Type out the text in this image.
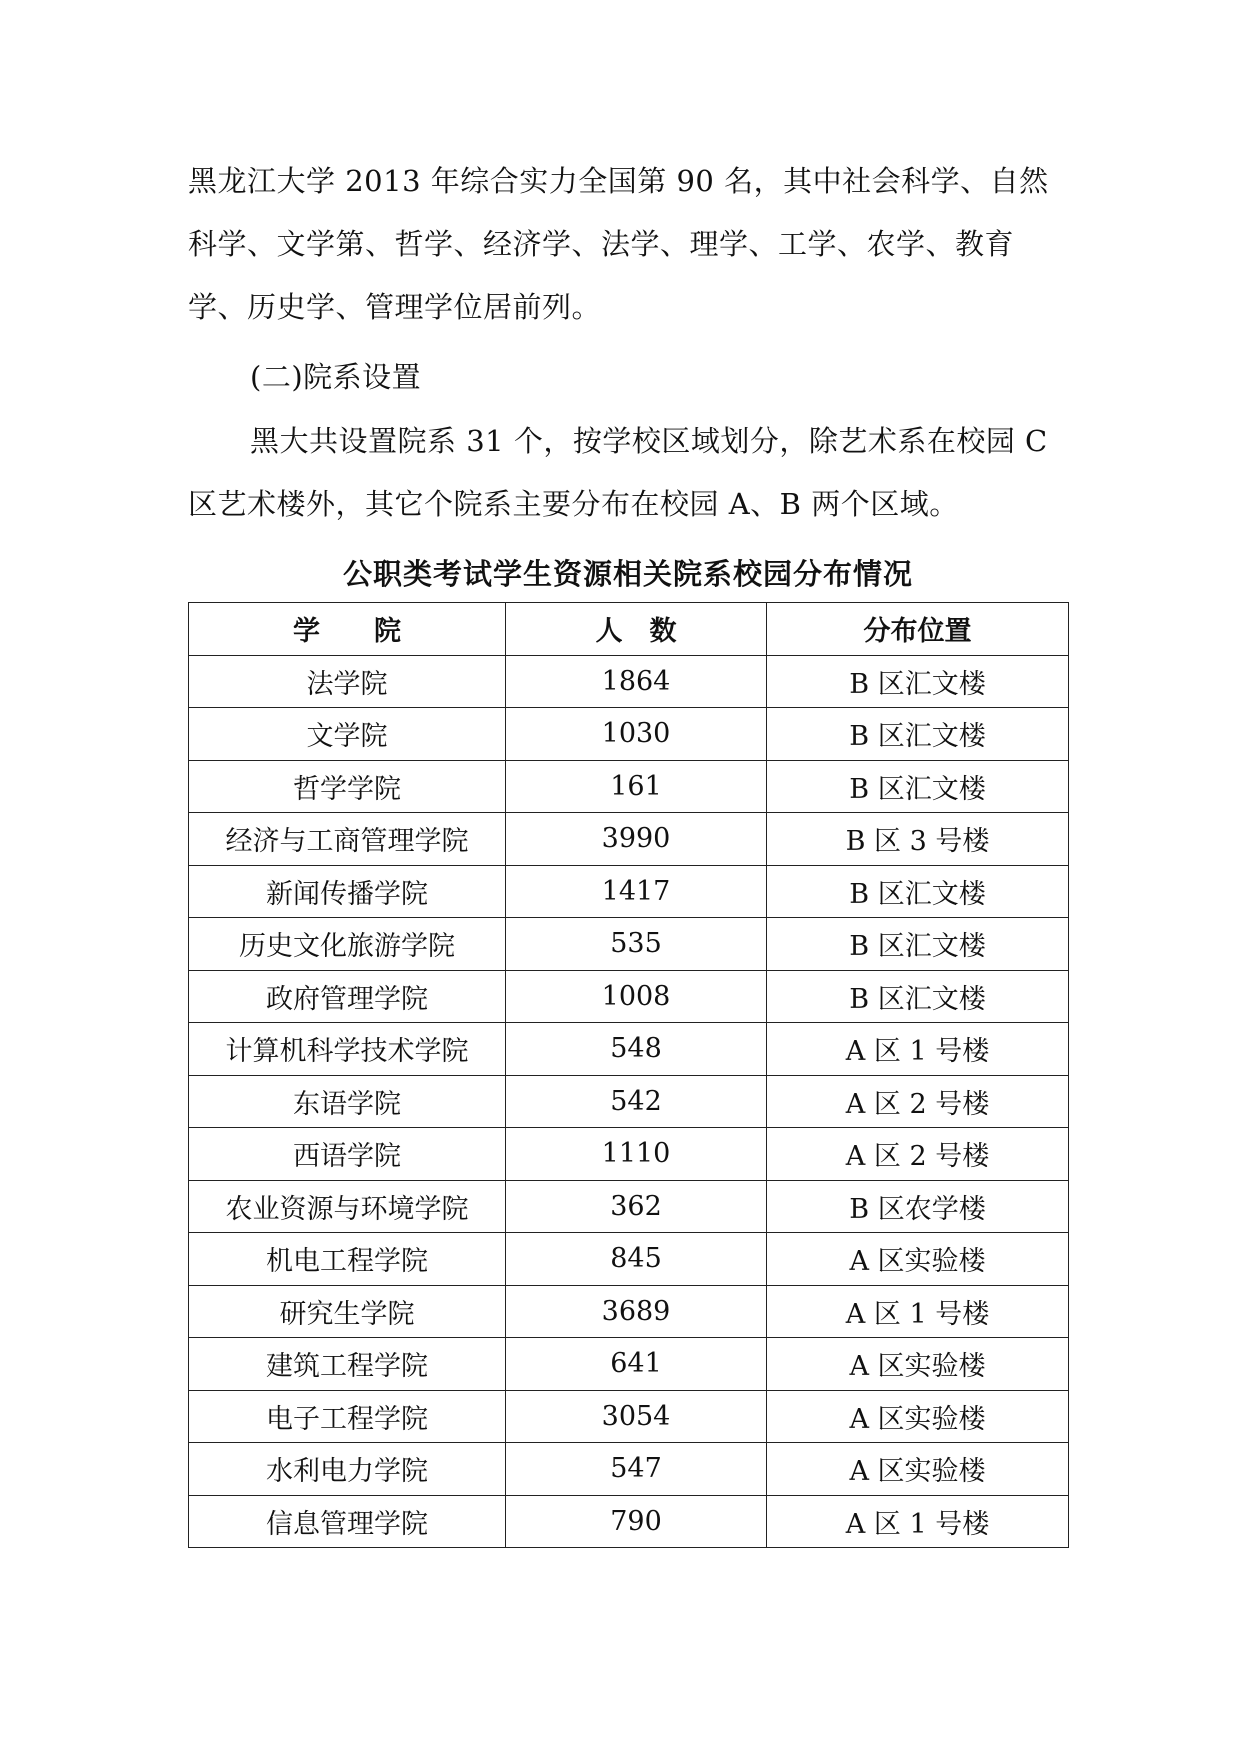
黑龙江大学 2013 年综合实力全国第 90 名，其中社会科学、自然
科学、文学第、哲学、经济学、法学、理学、工学、农学、教育
学、历史学、管理学位居前列。
(二)院系设置
黑大共设置院系 31 个，按学校区域划分，除艺术系在校园 C
区艺术楼外，其它个院系主要分布在校园 A、B 两个区域。
公职类考试学生资源相关院系校园分布情况
学　　院	人　数	分布位置
法学院	1864	B 区汇文楼
文学院	1030	B 区汇文楼
哲学学院	161	B 区汇文楼
经济与工商管理学院	3990	B 区 3 号楼
新闻传播学院	1417	B 区汇文楼
历史文化旅游学院	535	B 区汇文楼
政府管理学院	1008	B 区汇文楼
计算机科学技术学院	548	A 区 1 号楼
东语学院	542	A 区 2 号楼
西语学院	1110	A 区 2 号楼
农业资源与环境学院	362	B 区农学楼
机电工程学院	845	A 区实验楼
研究生学院	3689	A 区 1 号楼
建筑工程学院	641	A 区实验楼
电子工程学院	3054	A 区实验楼
水利电力学院	547	A 区实验楼
信息管理学院	790	A 区 1 号楼
